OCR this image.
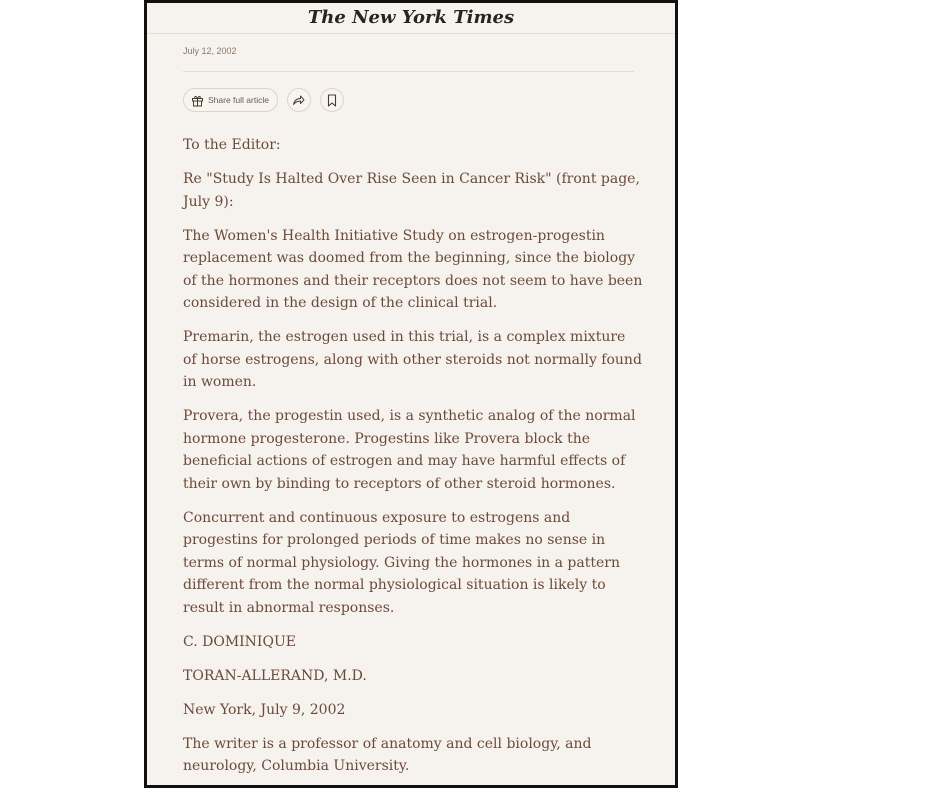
The New York Times
July 12, 2002
Share full article

To the Editor:

Re "Study Is Halted Over Rise Seen in Cancer Risk" (front page, July 9):

The Women's Health Initiative Study on estrogen-progestin replacement was doomed from the beginning, since the biology of the hormones and their receptors does not seem to have been considered in the design of the clinical trial.

Premarin, the estrogen used in this trial, is a complex mixture of horse estrogens, along with other steroids not normally found in women.

Provera, the progestin used, is a synthetic analog of the normal hormone progesterone. Progestins like Provera block the beneficial actions of estrogen and may have harmful effects of their own by binding to receptors of other steroid hormones.

Concurrent and continuous exposure to estrogens and progestins for prolonged periods of time makes no sense in terms of normal physiology. Giving the hormones in a pattern different from the normal physiological situation is likely to result in abnormal responses.

C. DOMINIQUE

TORAN-ALLERAND, M.D.

New York, July 9, 2002

The writer is a professor of anatomy and cell biology, and neurology, Columbia University.
